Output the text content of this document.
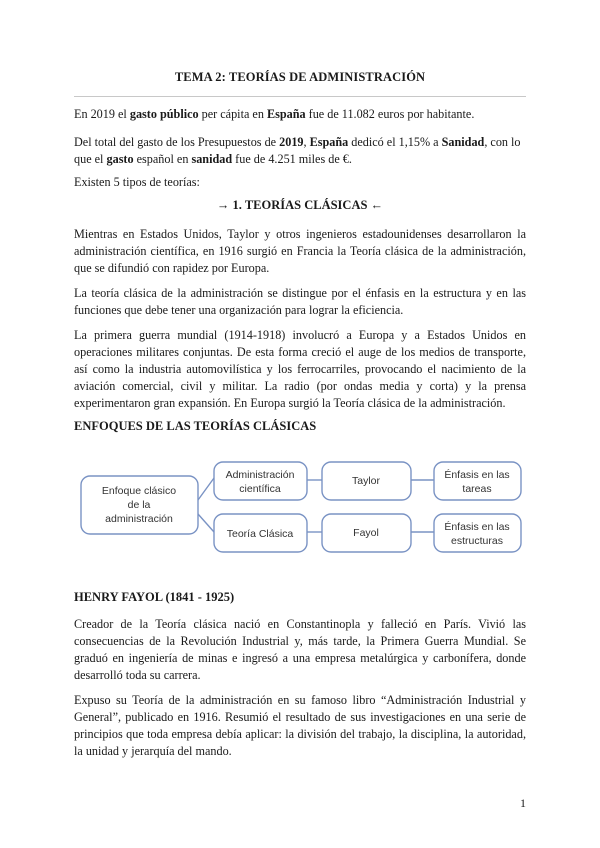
TEMA 2: TEORÍAS DE ADMINISTRACIÓN

En 2019 el gasto público per cápita en España fue de 11.082 euros por habitante.

Del total del gasto de los Presupuestos de 2019, España dedicó el 1,15% a Sanidad, con lo que el gasto español en sanidad fue de 4.251 miles de €.

Existen 5 tipos de teorías:

→ 1. TEORÍAS CLÁSICAS ←

Mientras en Estados Unidos, Taylor y otros ingenieros estadounidenses desarrollaron la administración científica, en 1916 surgió en Francia la Teoría clásica de la administración, que se difundió con rapidez por Europa.

La teoría clásica de la administración se distingue por el énfasis en la estructura y en las funciones que debe tener una organización para lograr la eficiencia.

La primera guerra mundial (1914-1918) involucró a Europa y a Estados Unidos en operaciones militares conjuntas. De esta forma creció el auge de los medios de transporte, así como la industria automovilística y los ferrocarriles, provocando el nacimiento de la aviación comercial, civil y militar. La radio (por ondas media y corta) y la prensa experimentaron gran expansión. En Europa surgió la Teoría clásica de la administración.

ENFOQUES DE LAS TEORÍAS CLÁSICAS
Enfoque clásico
de la
administración
Administración
científica
Teoría Clásica
Taylor
Fayol
Énfasis en las
tareas
Énfasis en las
estructuras
HENRY FAYOL (1841 - 1925)

Creador de la Teoría clásica nació en Constantinopla y falleció en París. Vivió las consecuencias de la Revolución Industrial y, más tarde, la Primera Guerra Mundial. Se graduó en ingeniería de minas e ingresó a una empresa metalúrgica y carbonífera, donde desarrolló toda su carrera.

Expuso su Teoría de la administración en su famoso libro “Administración Industrial y General”, publicado en 1916. Resumió el resultado de sus investigaciones en una serie de principios que toda empresa debía aplicar: la división del trabajo, la disciplina, la autoridad, la unidad y jerarquía del mando.

1
